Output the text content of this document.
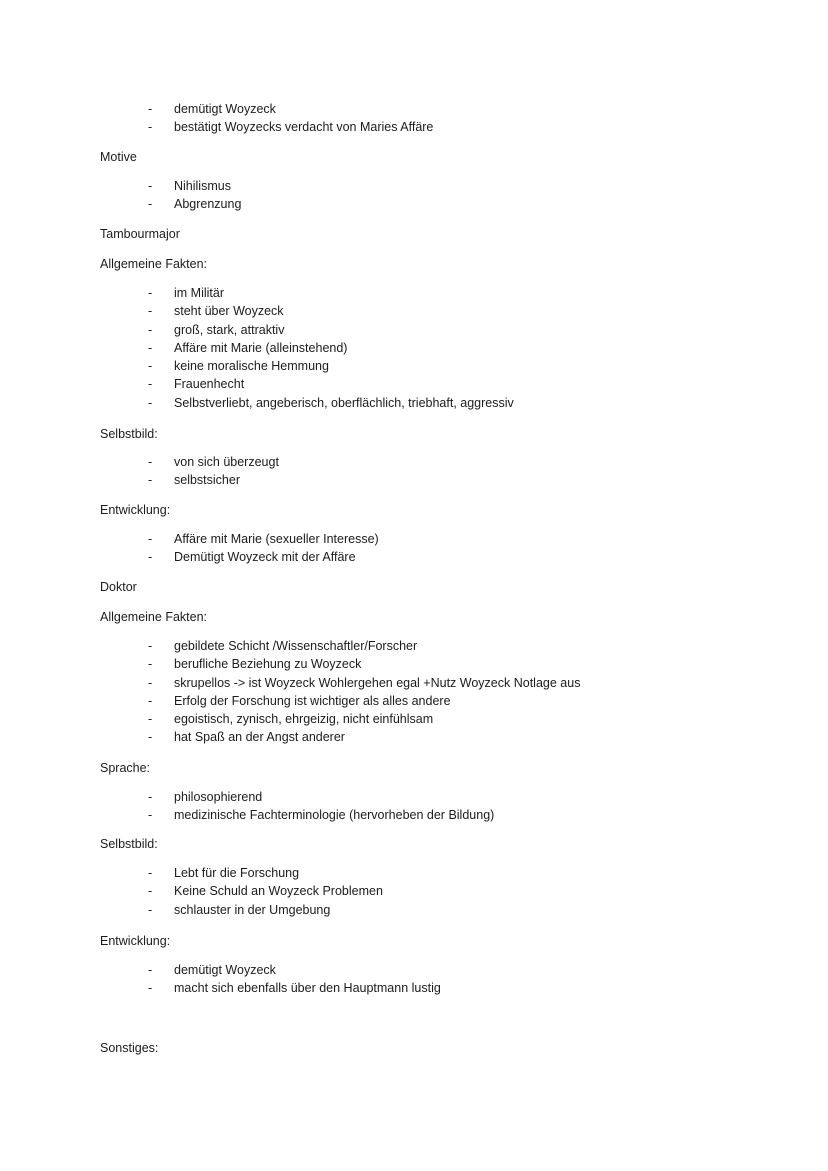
-	demütigt Woyzeck
-	bestätigt Woyzecks verdacht von Maries Affäre
Motive
-	Nihilismus
-	Abgrenzung
Tambourmajor
Allgemeine Fakten:
-	im Militär
-	steht über Woyzeck
-	groß, stark, attraktiv
-	Affäre mit Marie (alleinstehend)
-	keine moralische Hemmung
-	Frauenhecht
-	Selbstverliebt, angeberisch, oberflächlich, triebhaft, aggressiv
Selbstbild:
-	von sich überzeugt
-	selbstsicher
Entwicklung:
-	Affäre mit Marie (sexueller Interesse)
-	Demütigt Woyzeck mit der Affäre
Doktor
Allgemeine Fakten:
-	gebildete Schicht /Wissenschaftler/Forscher
-	berufliche Beziehung zu Woyzeck
-	skrupellos -> ist Woyzeck Wohlergehen egal +Nutz Woyzeck Notlage aus
-	Erfolg der Forschung ist wichtiger als alles andere
-	egoistisch, zynisch, ehrgeizig, nicht einfühlsam
-	hat Spaß an der Angst anderer
Sprache:
-	philosophierend
-	medizinische Fachterminologie (hervorheben der Bildung)
Selbstbild:
-	Lebt für die Forschung
-	Keine Schuld an Woyzeck Problemen
-	schlauster in der Umgebung
Entwicklung:
-	demütigt Woyzeck
-	macht sich ebenfalls über den Hauptmann lustig
Sonstiges:
